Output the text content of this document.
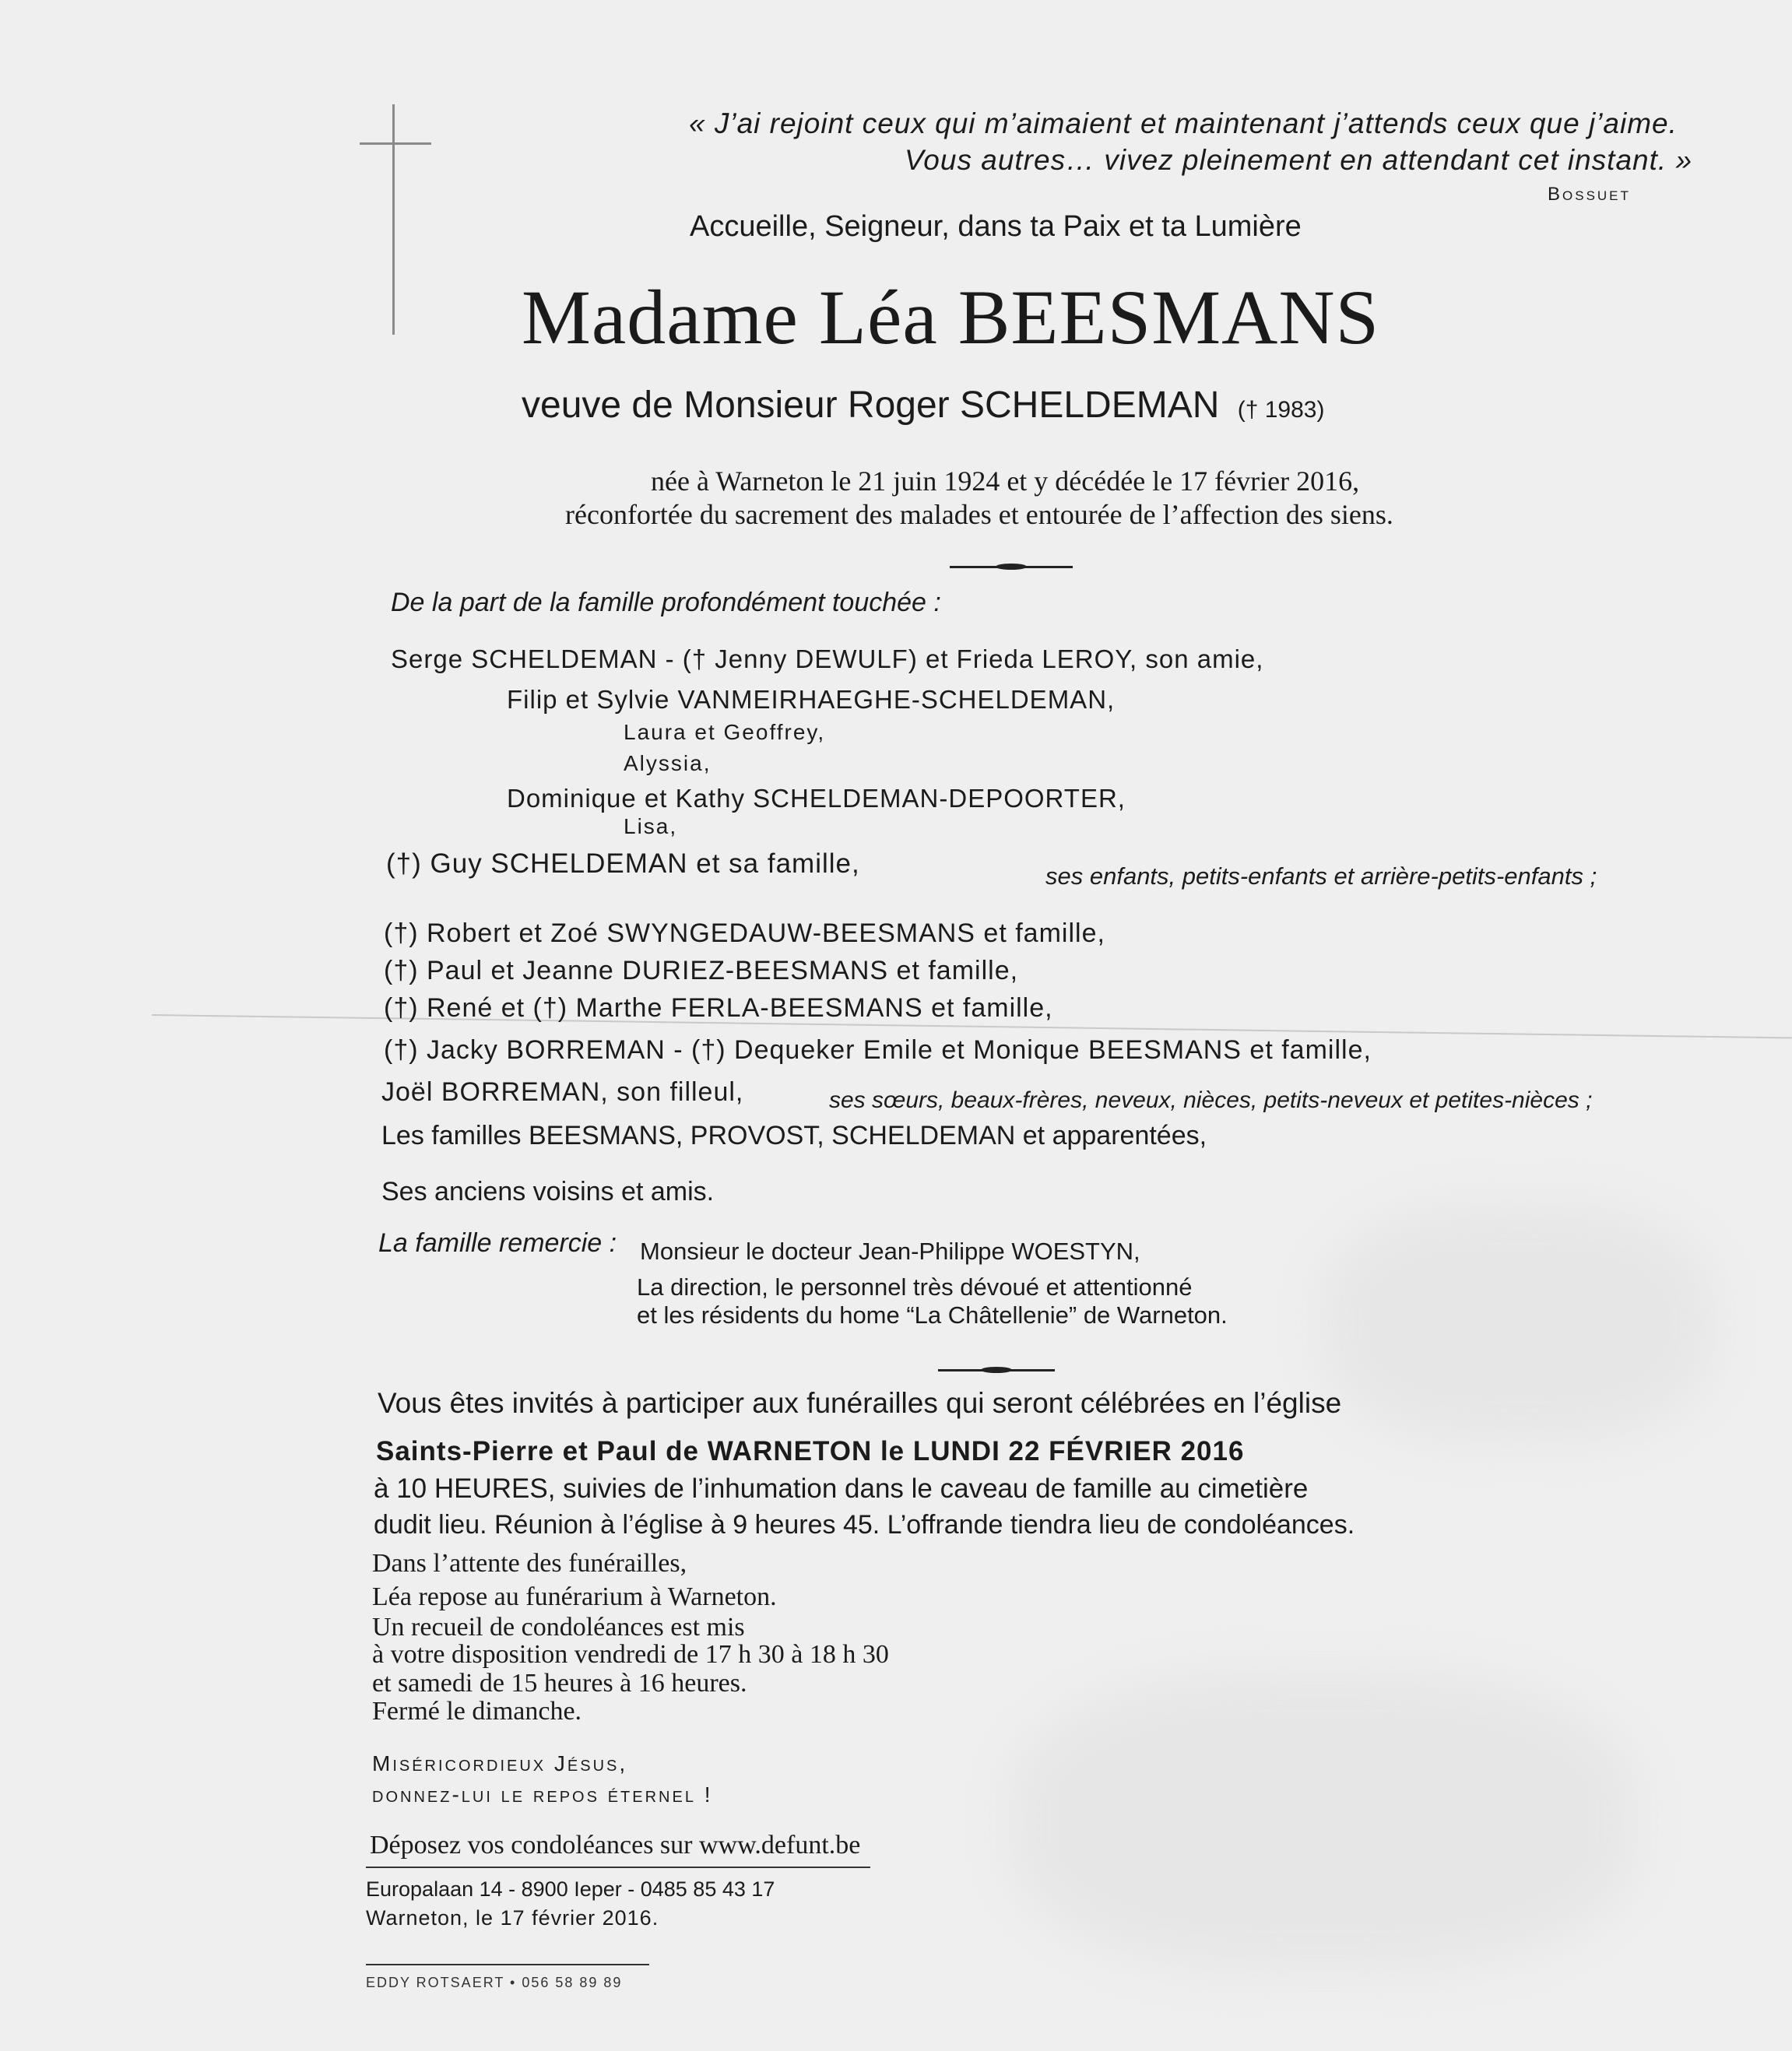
« J’ai rejoint ceux qui m’aimaient et maintenant j’attends ceux que j’aime.
Vous autres… vivez pleinement en attendant cet instant. »
Bossuet
Accueille, Seigneur, dans ta Paix et ta Lumière
Madame Léa BEESMANS
veuve de Monsieur Roger SCHELDEMAN († 1983)
née à Warneton le 21 juin 1924 et y décédée le 17 février 2016,
réconfortée du sacrement des malades et entourée de l’affection des siens.
De la part de la famille profondément touchée :
Serge SCHELDEMAN - († Jenny DEWULF) et Frieda LEROY, son amie,
Filip et Sylvie VANMEIRHAEGHE-SCHELDEMAN,
Laura et Geoffrey,
Alyssia,
Dominique et Kathy SCHELDEMAN-DEPOORTER,
Lisa,
(†) Guy SCHELDEMAN et sa famille,	ses enfants, petits-enfants et arrière-petits-enfants ;
(†) Robert et Zoé SWYNGEDAUW-BEESMANS et famille,
(†) Paul et Jeanne DURIEZ-BEESMANS et famille,
(†) René et (†) Marthe FERLA-BEESMANS et famille,
(†) Jacky BORREMAN - (†) Dequeker Emile et Monique BEESMANS et famille,
Joël BORREMAN, son filleul,	ses sœurs, beaux-frères, neveux, nièces, petits-neveux et petites-nièces ;
Les familles BEESMANS, PROVOST, SCHELDEMAN et apparentées,
Ses anciens voisins et amis.
La famille remercie : Monsieur le docteur Jean-Philippe WOESTYN,
La direction, le personnel très dévoué et attentionné
et les résidents du home “La Châtellenie” de Warneton.
Vous êtes invités à participer aux funérailles qui seront célébrées en l’église
Saints-Pierre et Paul de WARNETON le LUNDI 22 FÉVRIER 2016
à 10 HEURES, suivies de l’inhumation dans le caveau de famille au cimetière
dudit lieu. Réunion à l’église à 9 heures 45. L’offrande tiendra lieu de condoléances.
Dans l’attente des funérailles,
Léa repose au funérarium à Warneton.
Un recueil de condoléances est mis
à votre disposition vendredi de 17 h 30 à 18 h 30
et samedi de 15 heures à 16 heures.
Fermé le dimanche.
Miséricordieux Jésus,
donnez-lui le repos éternel !
Déposez vos condoléances sur www.defunt.be
Europalaan 14 - 8900 Ieper - 0485 85 43 17
Warneton, le 17 février 2016.
EDDY ROTSAERT • 056 58 89 89
